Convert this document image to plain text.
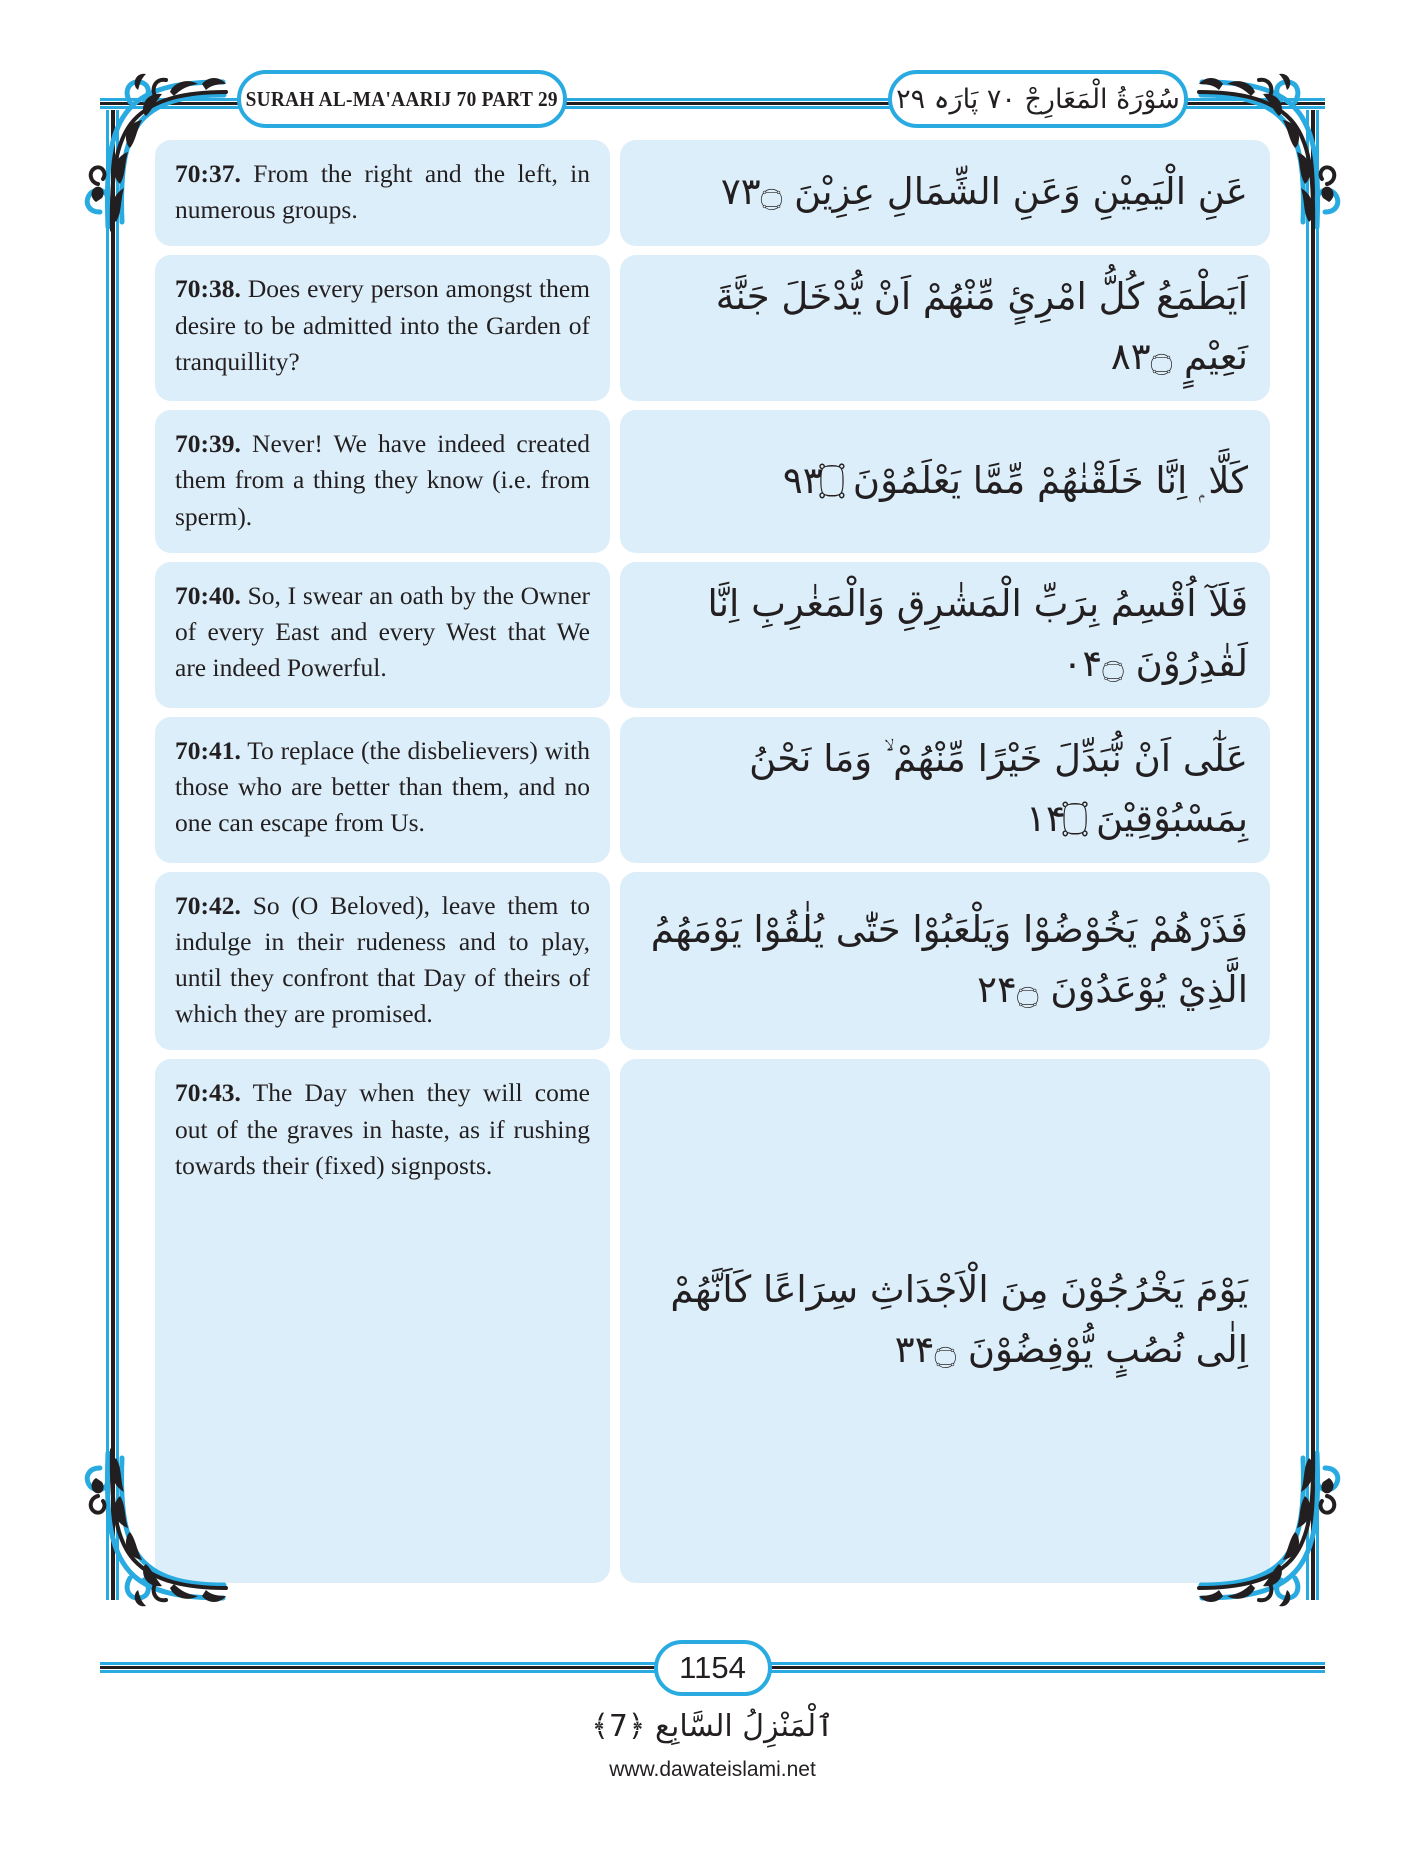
SURAH AL-MA'AARIJ 70 PART 29	سُوْرَةُ الْمَعَارِجْ ۷۰ پَارَہ ۲۹

70:37. From the right and the left, in numerous groups.	عَنِ الْيَمِيْنِ وَعَنِ الشِّمَالِ عِزِيْنَ ۝۳۷

70:38. Does every person amongst them desire to be admitted into the Garden of tranquillity?

اَيَطْمَعُ كُلُّ امْرِیٍٔ مِّنْهُمْ اَنْ يُّدْخَلَ جَنَّةَ نَعِيْمٍ ۝۳۸

70:39. Never! We have indeed created them from a thing they know (i.e. from sperm).

كَلَّا ۭ اِنَّا خَلَقْنٰهُمْ مِّمَّا يَعْلَمُوْنَ ۝۳۹

70:40. So, I swear an oath by the Owner of every East and every West that We are indeed Powerful.

فَلَآ اُقْسِمُ بِرَبِّ الْمَشٰرِقِ وَالْمَغٰرِبِ اِنَّا لَقٰدِرُوْنَ ۝۴۰

70:41. To replace (the disbelievers) with those who are better than them, and no one can escape from Us.

عَلٰٓى اَنْ نُّبَدِّلَ خَيْرًا مِّنْهُمْ ۙ وَمَا نَحْنُ بِمَسْبُوْقِيْنَ ۝۴۱

70:42. So (O Beloved), leave them to indulge in their rudeness and to play, until they confront that Day of theirs of which they are promised.

فَذَرْهُمْ يَخُوْضُوْا وَيَلْعَبُوْا حَتّٰى يُلٰقُوْا يَوْمَهُمُ الَّذِيْ يُوْعَدُوْنَ ۝۴۲

70:43. The Day when they will come out of the graves in haste, as if rushing towards their (fixed) signposts.

يَوْمَ يَخْرُجُوْنَ مِنَ الْاَجْدَاثِ سِرَاعًا كَاَنَّهُمْ اِلٰى نُصُبٍ يُّوْفِضُوْنَ ۝۴۳

1154
ٱلْمَنْزِلُ السَّابِع ﴿7﴾
www.dawateislami.net
